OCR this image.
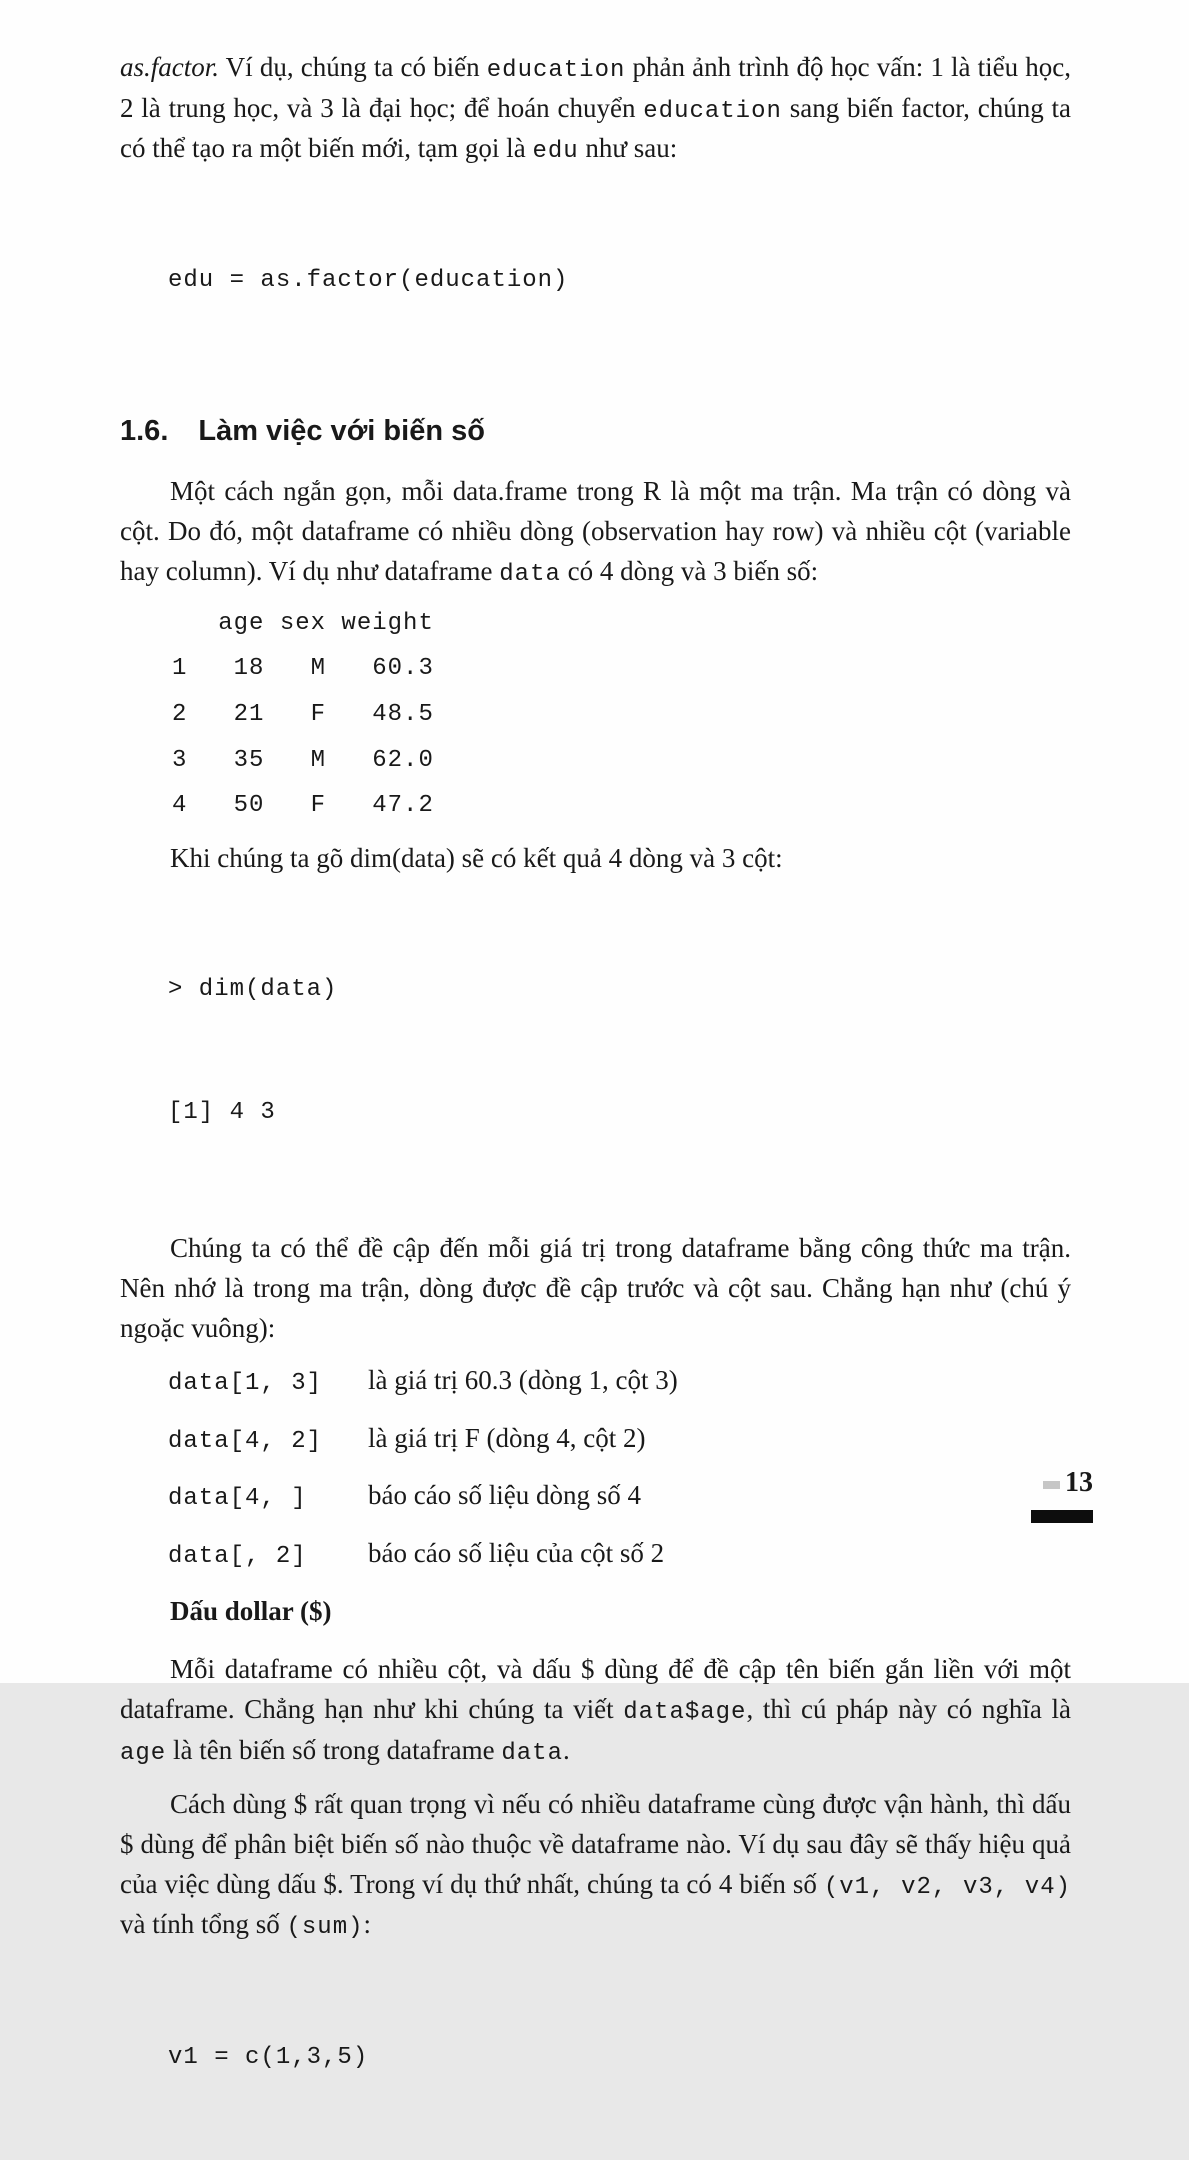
as.factor. Ví dụ, chúng ta có biến education phản ảnh trình độ học vấn: 1 là tiểu học, 2 là trung học, và 3 là đại học; để hoán chuyển education sang biến factor, chúng ta có thể tạo ra một biến mới, tạm gọi là edu như sau:

edu = as.factor(education)

1.6. Làm việc với biến số

Một cách ngắn gọn, mỗi data.frame trong R là một ma trận. Ma trận có dòng và cột. Do đó, một dataframe có nhiều dòng (observation hay row) và nhiều cột (variable hay column). Ví dụ như dataframe data có 4 dòng và 3 biến số:

age sex weight
1   18   M   60.3
2   21   F   48.5
3   35   M   62.0
4   50   F   47.2

Khi chúng ta gõ dim(data) sẽ có kết quả 4 dòng và 3 cột:

> dim(data)

[1] 4 3

Chúng ta có thể đề cập đến mỗi giá trị trong dataframe bằng công thức ma trận. Nên nhớ là trong ma trận, dòng được đề cập trước và cột sau. Chẳng hạn như (chú ý ngoặc vuông):

data[1, 3]	là giá trị 60.3 (dòng 1, cột 3)
data[4, 2]	là giá trị F (dòng 4, cột 2)
data[4, ]	báo cáo số liệu dòng số 4
data[, 2]	báo cáo số liệu của cột số 2
Dấu dollar ($)

Mỗi dataframe có nhiều cột, và dấu $ dùng để đề cập tên biến gắn liền với một dataframe. Chẳng hạn như khi chúng ta viết data$age, thì cú pháp này có nghĩa là age là tên biến số trong dataframe data.

Cách dùng $ rất quan trọng vì nếu có nhiều dataframe cùng được vận hành, thì dấu $ dùng để phân biệt biến số nào thuộc về dataframe nào. Ví dụ sau đây sẽ thấy hiệu quả của việc dùng dấu $. Trong ví dụ thứ nhất, chúng ta có 4 biến số (v1, v2, v3, v4) và tính tổng số (sum):

v1 = c(1,3,5)

13
